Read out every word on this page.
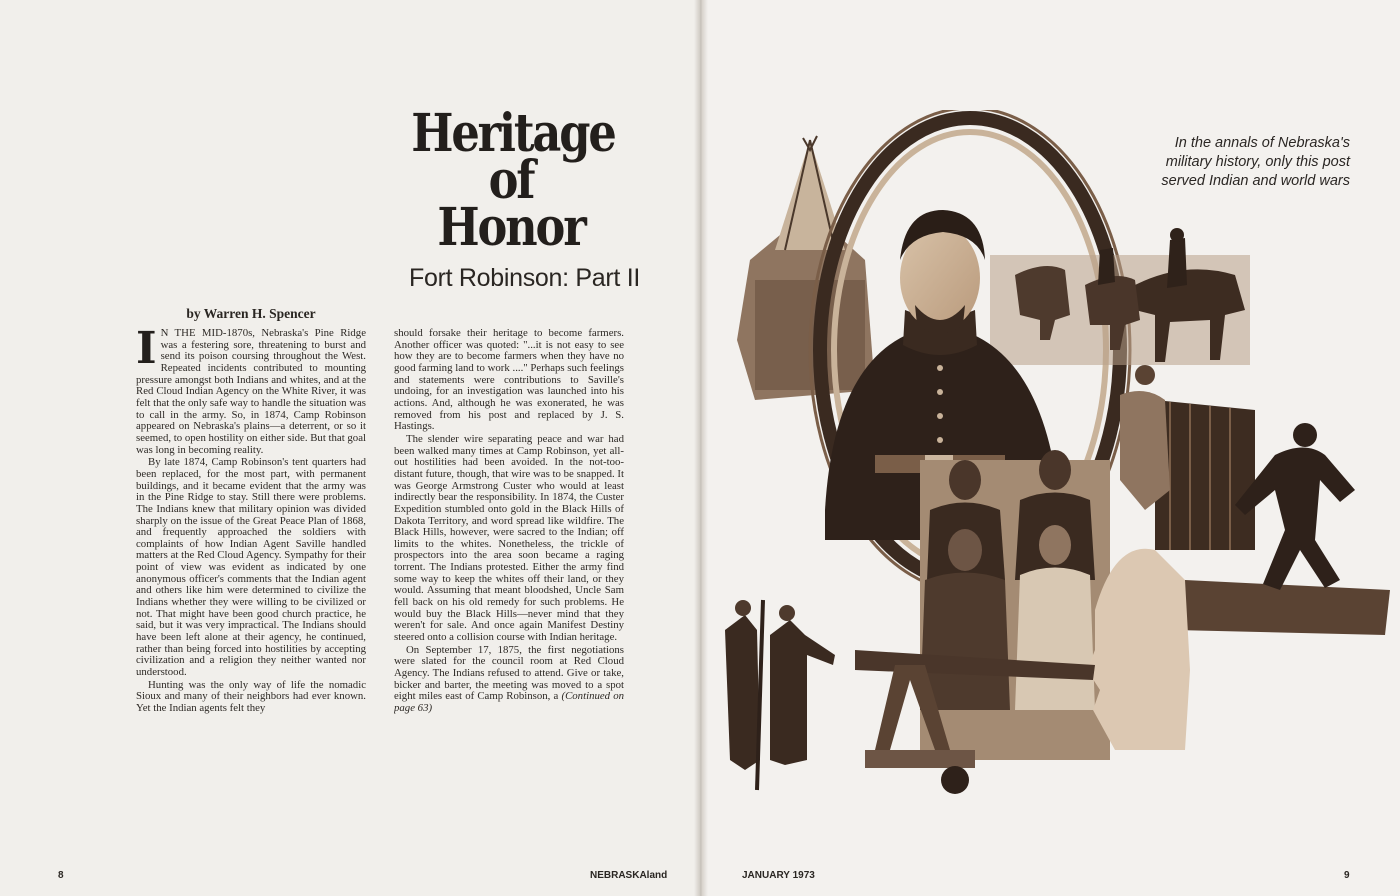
Heritage
of
Honor
Fort Robinson: Part II
by Warren H. Spencer

I N THE MID-1870s, Nebraska's Pine Ridge was a festering sore, threatening to burst and send its poison coursing throughout the West. Repeated incidents contributed to mounting pressure amongst both Indians and whites, and at the Red Cloud Indian Agency on the White River, it was felt that the only safe way to handle the situation was to call in the army. So, in 1874, Camp Robinson appeared on Nebraska's plains—a deterrent, or so it seemed, to open hostility on either side. But that goal was long in becoming reality.

By late 1874, Camp Robinson's tent quarters had been replaced, for the most part, with permanent buildings, and it became evident that the army was in the Pine Ridge to stay. Still there were problems. The Indians knew that military opinion was divided sharply on the issue of the Great Peace Plan of 1868, and frequently approached the soldiers with complaints of how Indian Agent Saville handled matters at the Red Cloud Agency. Sympathy for their point of view was evident as indicated by one anonymous officer's comments that the Indian agent and others like him were determined to civilize the Indians whether they were willing to be civilized or not. That might have been good church practice, he said, but it was very impractical. The Indians should have been left alone at their agency, he continued, rather than being forced into hostilities by accepting civilization and a religion they neither wanted nor understood.

Hunting was the only way of life the nomadic Sioux and many of their neighbors had ever known. Yet the Indian agents felt they

should forsake their heritage to become farmers. Another officer was quoted: "...it is not easy to see how they are to become farmers when they have no good farming land to work ...." Perhaps such feelings and statements were contributions to Saville's undoing, for an investigation was launched into his actions. And, although he was exonerated, he was removed from his post and replaced by J. S. Hastings.

The slender wire separating peace and war had been walked many times at Camp Robinson, yet all-out hostilities had been avoided. In the not-too-distant future, though, that wire was to be snapped. It was George Armstrong Custer who would at least indirectly bear the responsibility. In 1874, the Custer Expedition stumbled onto gold in the Black Hills of Dakota Territory, and word spread like wildfire. The Black Hills, however, were sacred to the Indian; off limits to the whites. Nonetheless, the trickle of prospectors into the area soon became a raging torrent. The Indians protested. Either the army find some way to keep the whites off their land, or they would. Assuming that meant bloodshed, Uncle Sam fell back on his old remedy for such problems. He would buy the Black Hills—never mind that they weren't for sale. And once again Manifest Destiny steered onto a collision course with Indian heritage.

On September 17, 1875, the first negotiations were slated for the council room at Red Cloud Agency. The Indians refused to attend. Give or take, bicker and barter, the meeting was moved to a spot eight miles east of Camp Robinson, a (Continued on page 63)

In the annals of Nebraska's military history, only this post served Indian and world wars
8	NEBRASKAland	JANUARY 1973	9
